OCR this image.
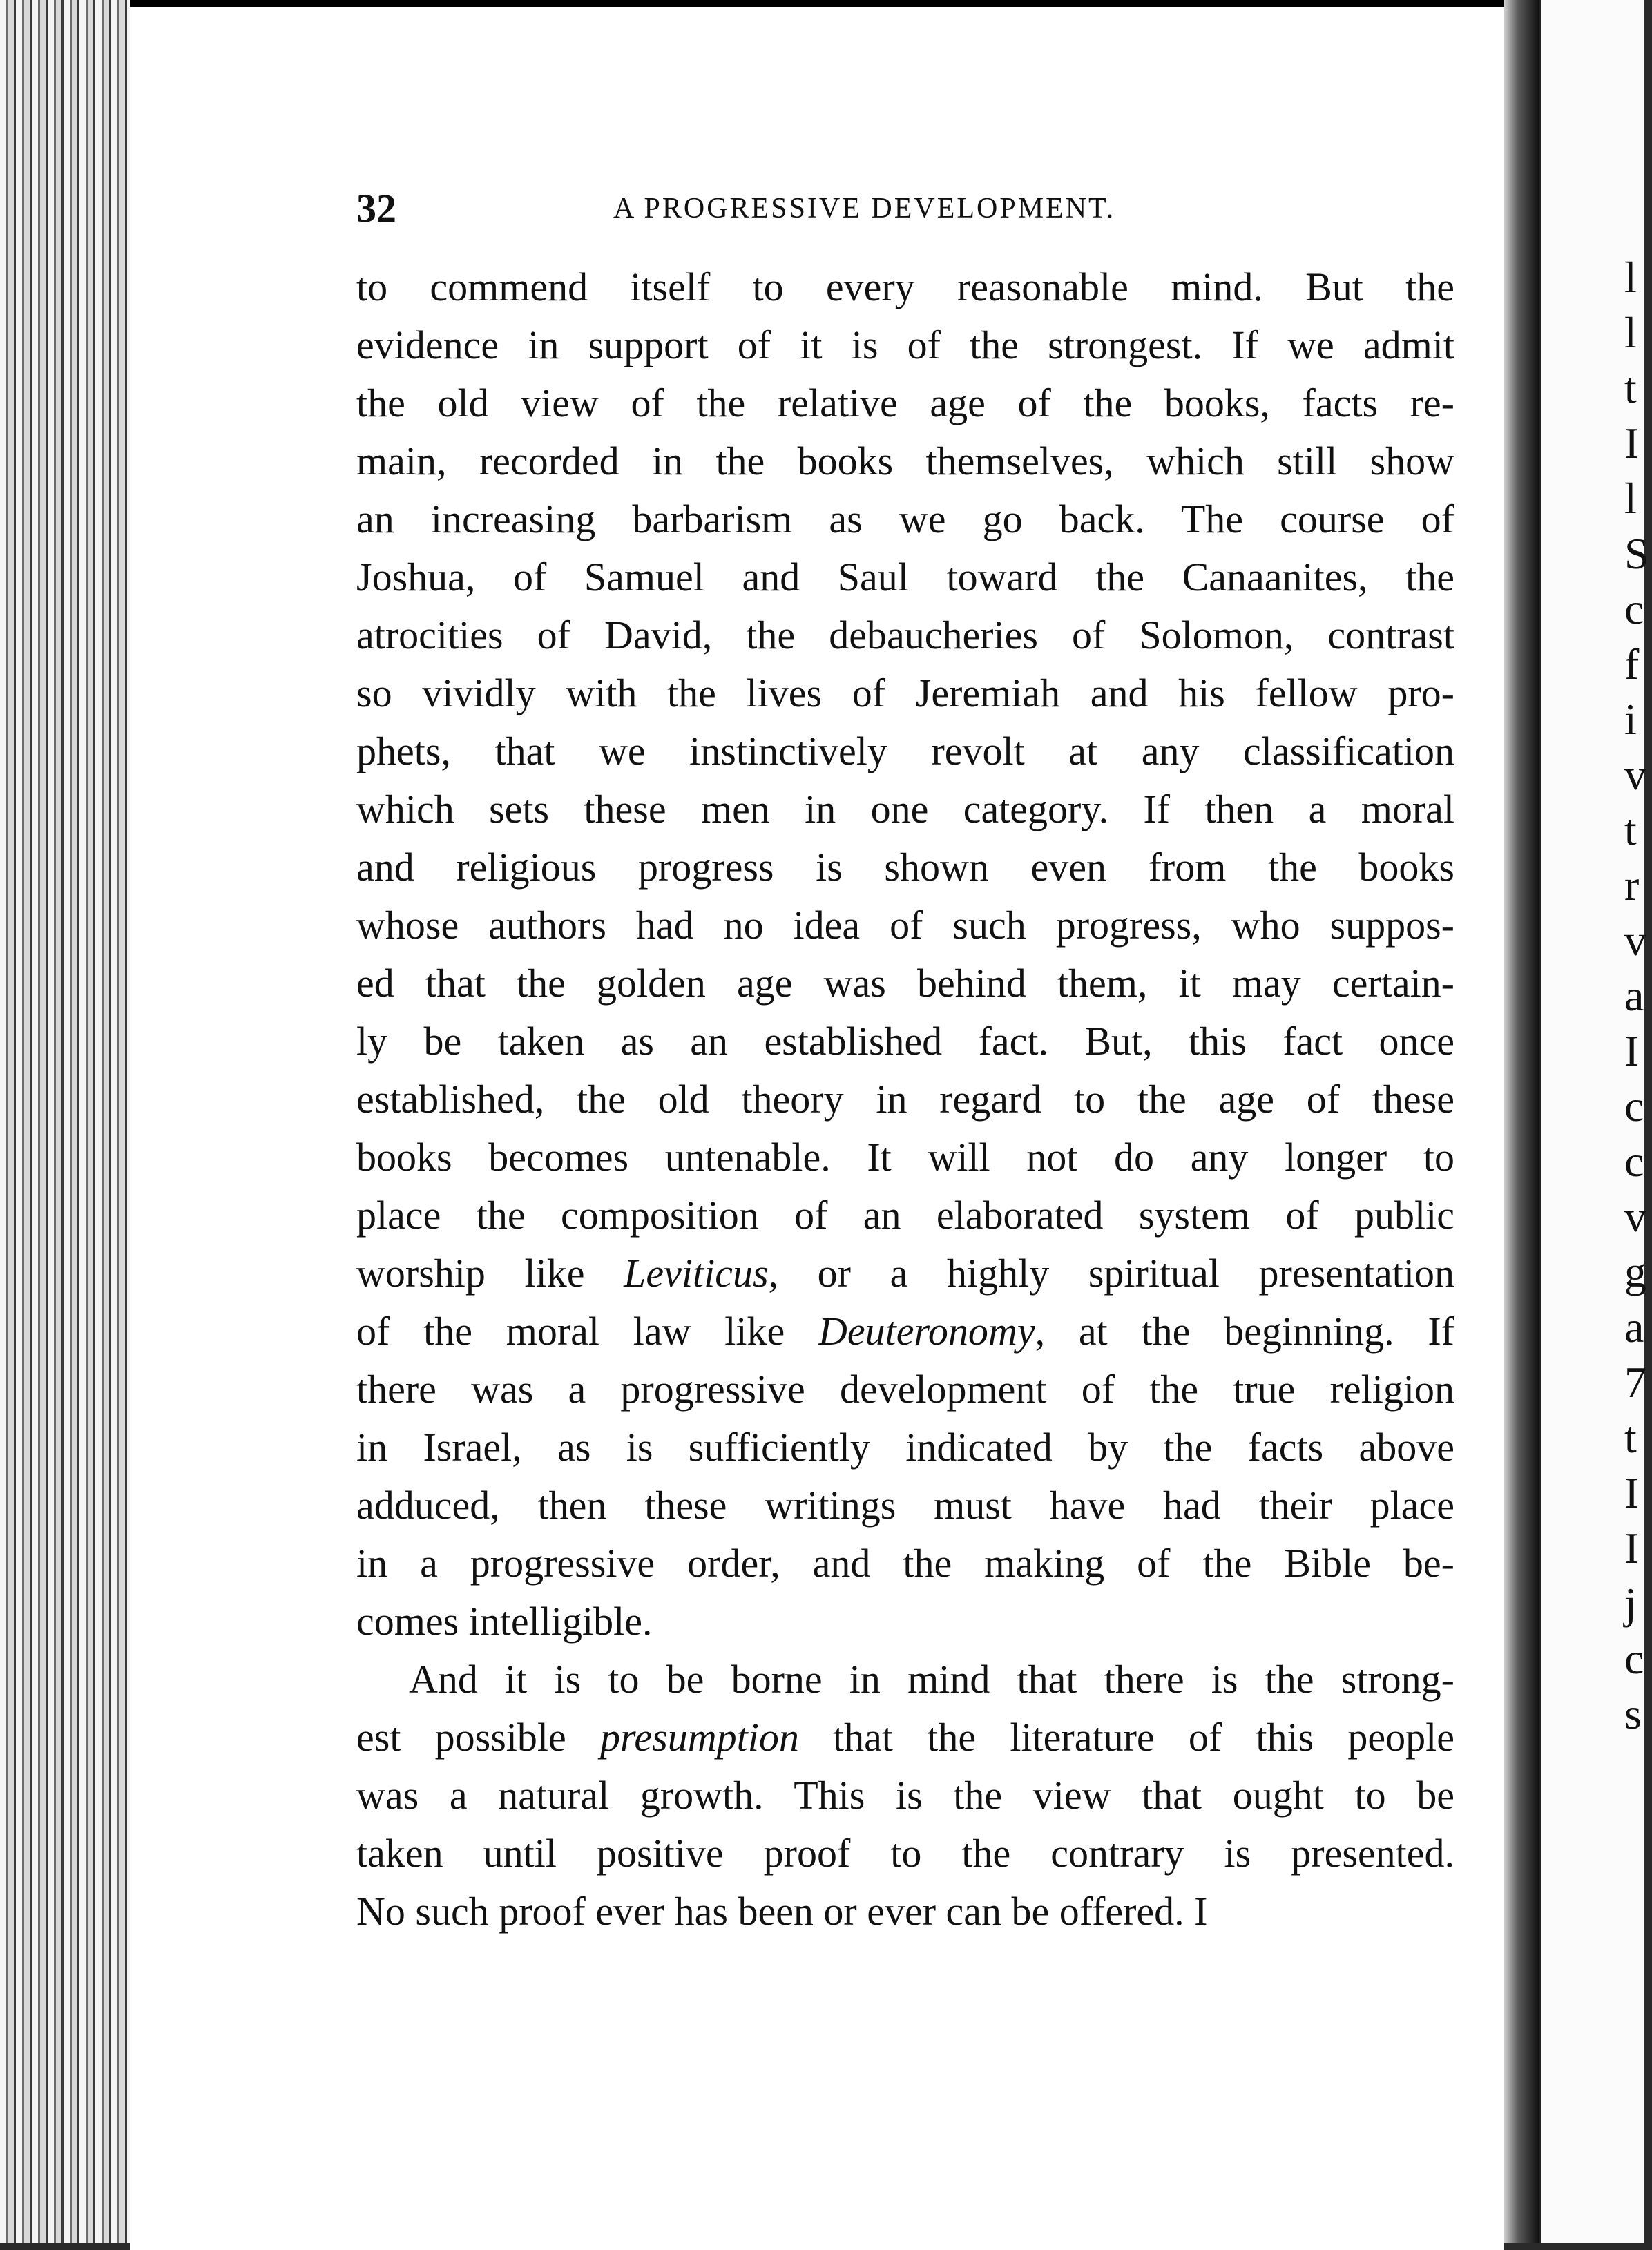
l
l
t
I
l
S
c
f
i
v
t
r
v
a
I
c
c
v
g
a
7
t
I
I
j
c
s
32	A PROGRESSIVE DEVELOPMENT.
to commend itself to every reasonable mind. But the
evidence in support of it is of the strongest. If we admit
the old view of the relative age of the books, facts re-
main, recorded in the books themselves, which still show
an increasing barbarism as we go back. The course of
Joshua, of Samuel and Saul toward the Canaanites, the
atrocities of David, the debaucheries of Solomon, contrast
so vividly with the lives of Jeremiah and his fellow pro-
phets, that we instinctively revolt at any classification
which sets these men in one category. If then a moral
and religious progress is shown even from the books
whose authors had no idea of such progress, who suppos-
ed that the golden age was behind them, it may certain-
ly be taken as an established fact. But, this fact once
established, the old theory in regard to the age of these
books becomes untenable. It will not do any longer to
place the composition of an elaborated system of public
worship like Leviticus, or a highly spiritual presentation
of the moral law like Deuteronomy, at the beginning. If
there was a progressive development of the true religion
in Israel, as is sufficiently indicated by the facts above
adduced, then these writings must have had their place
in a progressive order, and the making of the Bible be-
comes intelligible.
And it is to be borne in mind that there is the strong-
est possible presumption that the literature of this people
was a natural growth. This is the view that ought to be
taken until positive proof to the contrary is presented.
No such proof ever has been or ever can be offered. I
